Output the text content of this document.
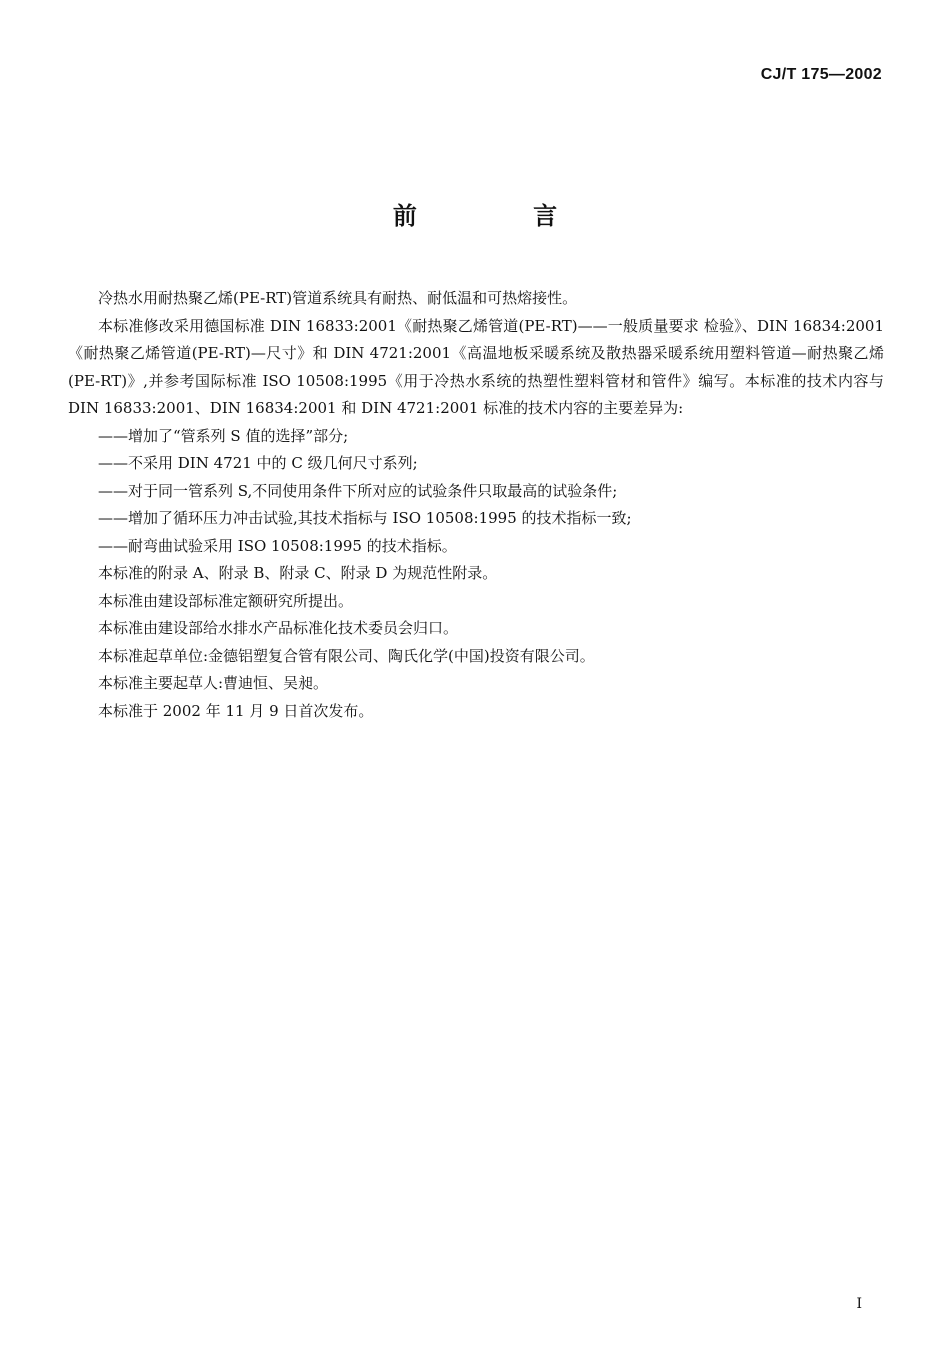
CJ/T 175—2002
前 言

冷热水用耐热聚乙烯(PE-RT)管道系统具有耐热、耐低温和可热熔接性。

本标准修改采用德国标准 DIN 16833:2001《耐热聚乙烯管道(PE-RT)——一般质量要求 检验》、DIN 16834:2001《耐热聚乙烯管道(PE-RT)—尺寸》和 DIN 4721:2001《高温地板采暖系统及散热器采暖系统用塑料管道—耐热聚乙烯(PE-RT)》,并参考国际标准 ISO 10508:1995《用于冷热水系统的热塑性塑料管材和管件》编写。本标准的技术内容与 DIN 16833:2001、DIN 16834:2001 和 DIN 4721:2001 标准的技术内容的主要差异为:

——增加了“管系列 S 值的选择”部分;

——不采用 DIN 4721 中的 C 级几何尺寸系列;

——对于同一管系列 S,不同使用条件下所对应的试验条件只取最高的试验条件;

——增加了循环压力冲击试验,其技术指标与 ISO 10508:1995 的技术指标一致;

——耐弯曲试验采用 ISO 10508:1995 的技术指标。

本标准的附录 A、附录 B、附录 C、附录 D 为规范性附录。

本标准由建设部标准定额研究所提出。

本标准由建设部给水排水产品标准化技术委员会归口。

本标准起草单位:金德铝塑复合管有限公司、陶氏化学(中国)投资有限公司。

本标准主要起草人:曹迪恒、吴昶。

本标准于 2002 年 11 月 9 日首次发布。

I
